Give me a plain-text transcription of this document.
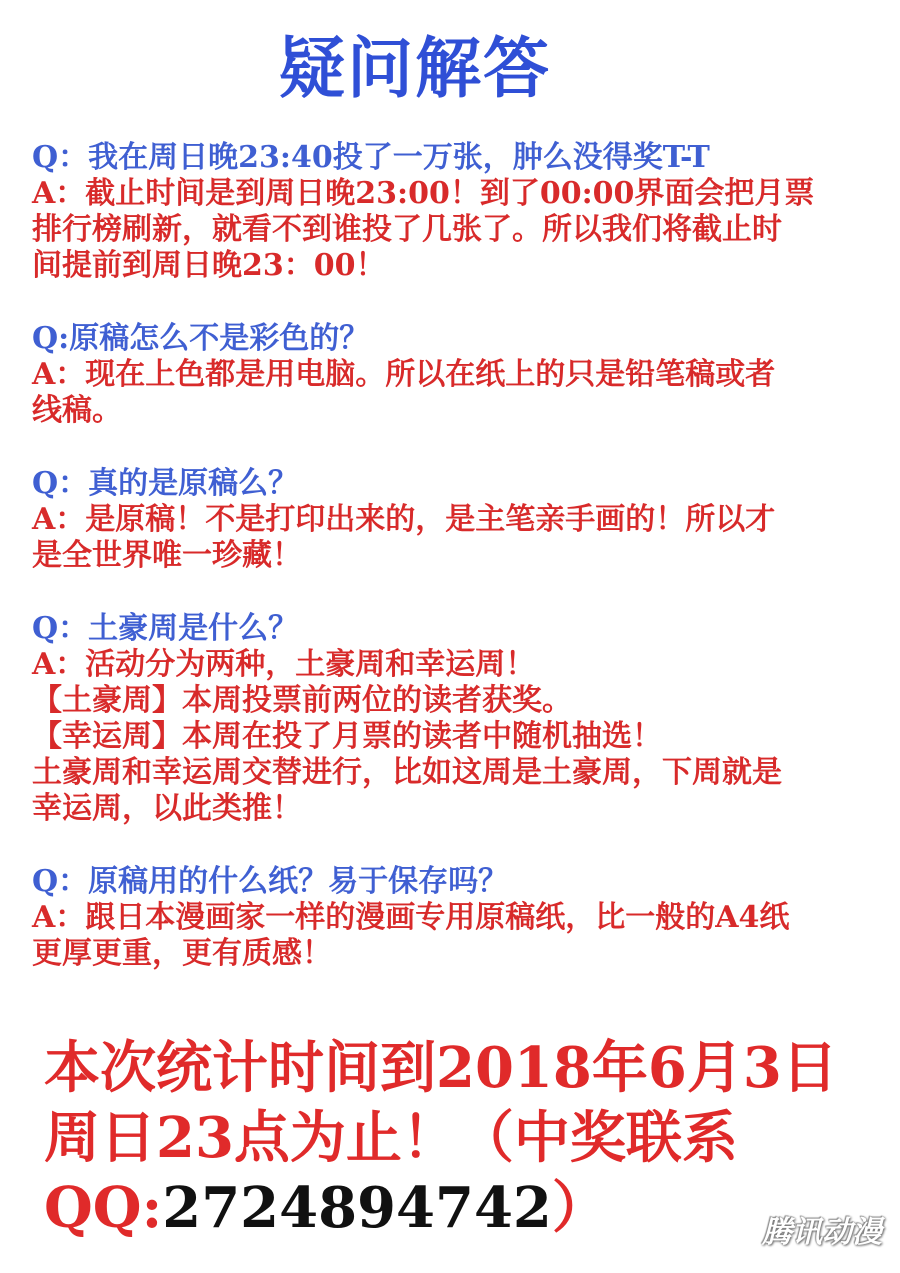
疑问解答
Q：我在周日晚23:40投了一万张，肿么没得奖T-T
A：截止时间是到周日晚23:00！到了00:00界面会把月票
排行榜刷新，就看不到谁投了几张了。所以我们将截止时
间提前到周日晚23：00！
Q:原稿怎么不是彩色的？
A：现在上色都是用电脑。所以在纸上的只是铅笔稿或者
线稿。
Q：真的是原稿么？
A：是原稿！不是打印出来的，是主笔亲手画的！所以才
是全世界唯一珍藏！
Q：土豪周是什么？
A：活动分为两种，土豪周和幸运周！
【土豪周】本周投票前两位的读者获奖。
【幸运周】本周在投了月票的读者中随机抽选！
土豪周和幸运周交替进行，比如这周是土豪周，下周就是
幸运周，以此类推！
Q：原稿用的什么纸？易于保存吗？
A：跟日本漫画家一样的漫画专用原稿纸，比一般的A4纸
更厚更重，更有质感！
本次统计时间到2018年6月3日
周日23点为止！（中奖联系
QQ:2724894742）	腾讯动漫
